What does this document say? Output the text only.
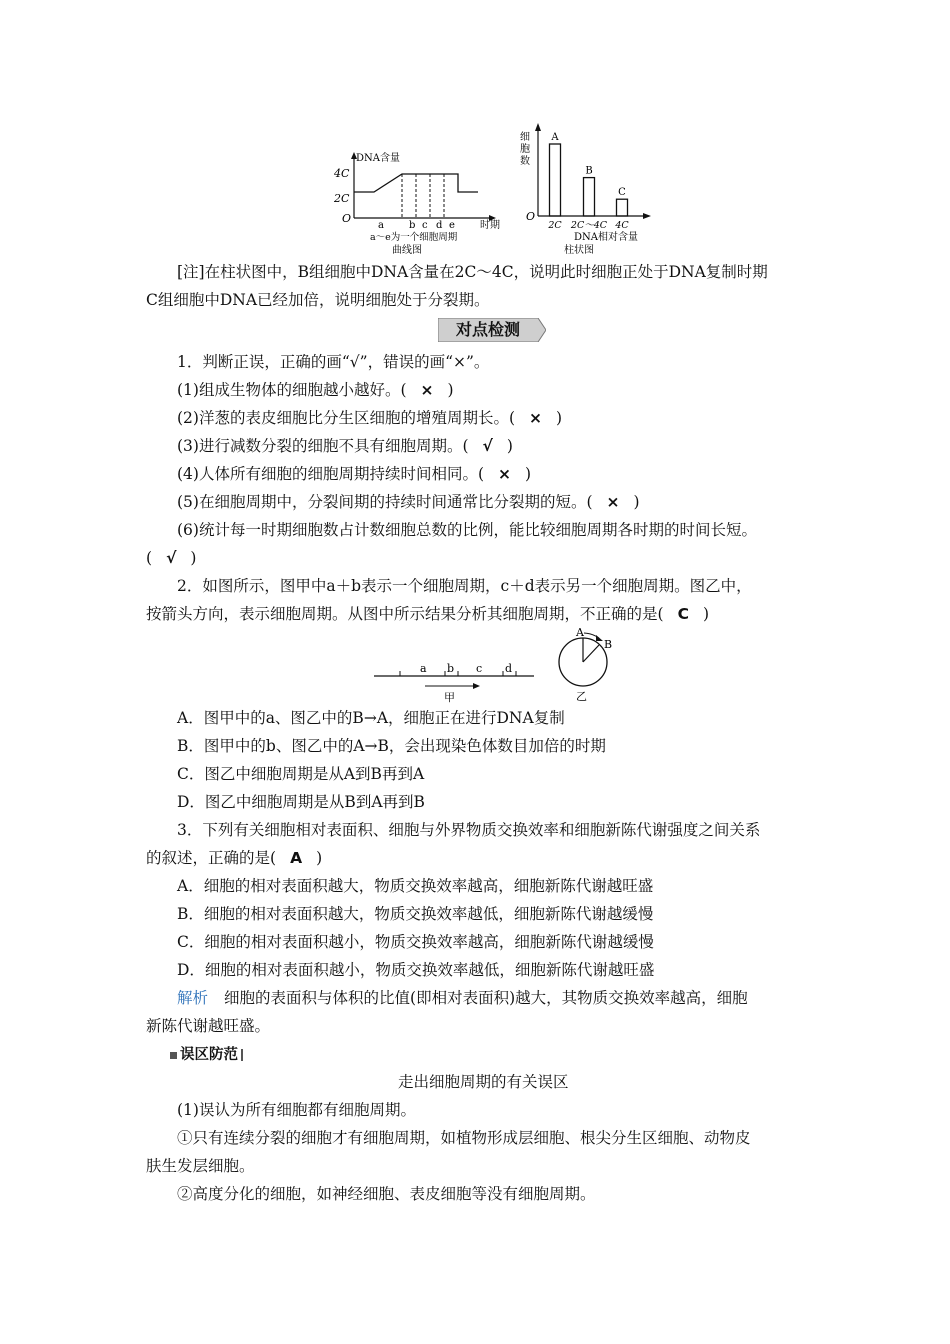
DNA含量
4C
2C
O
a	b c d e	时期
a～e为一个细胞周期
曲线图
细
胞
数
O
A
2C
B
2C～4C
C
4C
DNA相对含量
柱状图
[注]在柱状图中，B组细胞中DNA含量在2C～4C，说明此时细胞正处于DNA复制时期
C组细胞中DNA已经加倍，说明细胞处于分裂期。
对点检测
1．判断正误，正确的画“√”，错误的画“×”。
(1)组成生物体的细胞越小越好。( × )
(2)洋葱的表皮细胞比分生区细胞的增殖周期长。( × )
(3)进行减数分裂的细胞不具有细胞周期。( √ )
(4)人体所有细胞的细胞周期持续时间相同。( × )
(5)在细胞周期中，分裂间期的持续时间通常比分裂期的短。( × )
(6)统计每一时期细胞数占计数细胞总数的比例，能比较细胞周期各时期的时间长短。
( √ )
2．如图所示，图甲中a＋b表示一个细胞周期，c＋d表示另一个细胞周期。图乙中，
按箭头方向，表示细胞周期。从图中所示结果分析其细胞周期，不正确的是( C )
a b c d
甲
A
B
乙
A．图甲中的a、图乙中的B→A，细胞正在进行DNA复制
B．图甲中的b、图乙中的A→B，会出现染色体数目加倍的时期
C．图乙中细胞周期是从A到B再到A
D．图乙中细胞周期是从B到A再到B
3．下列有关细胞相对表面积、细胞与外界物质交换效率和细胞新陈代谢强度之间关系
的叙述，正确的是( A )
A．细胞的相对表面积越大，物质交换效率越高，细胞新陈代谢越旺盛
B．细胞的相对表面积越大，物质交换效率越低，细胞新陈代谢越缓慢
C．细胞的相对表面积越小，物质交换效率越高，细胞新陈代谢越缓慢
D．细胞的相对表面积越小，物质交换效率越低，细胞新陈代谢越旺盛
解析 细胞的表面积与体积的比值(即相对表面积)越大，其物质交换效率越高，细胞
新陈代谢越旺盛。
误区防范
走出细胞周期的有关误区
(1)误认为所有细胞都有细胞周期。
①只有连续分裂的细胞才有细胞周期，如植物形成层细胞、根尖分生区细胞、动物皮
肤生发层细胞。
②高度分化的细胞，如神经细胞、表皮细胞等没有细胞周期。
